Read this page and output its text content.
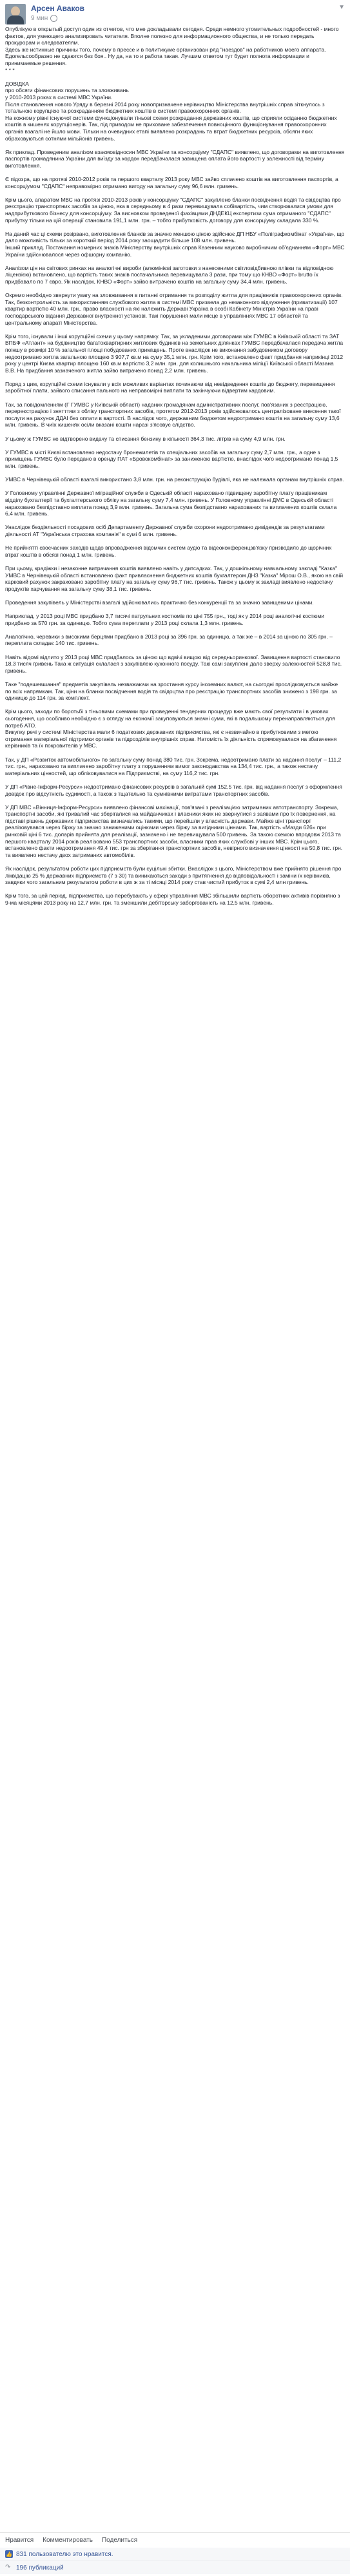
Арсен Аваков
9 мин
▼

Опублікую в открытый доступ один из отчетов, что мне докладывали сегодня. Среди немного утомительных подробностей - много фактов, для умеющего анализировать читателя. Вполне полезно для информационного общества, и не только передать прокурорам и следователям.
Здесь же истинные причины того, почему в прессе и в политикуме организован ряд "наездов" на работников моего аппарата. Едогельсообразно не сдаются без боя.. Ну да, на то и работа такая. Лучшим ответом тут будет полнота информации и принимаемые решения.
* * *

ДОВІДКА
про обсяги фінансових порушень та зловживань
у 2010-2013 роках в системі МВС України.

Після становлення нового Уряду в березні 2014 року новопризначене керівництво Міністерства внутрішніх справ зіткнулось з тотальною корупцією та розкраданням бюджетних коштів в системі правоохоронних органів.
На кожному рівні існуючої системи функціонували тіньові схеми розкрадання державних коштів, що сприяли осіданню бюджетних коштів в кишенях корупціонерів. Так, під приводом не приховане забезпечення повноцінного функціонування правоохоронних органів взагалі не йшло мови. Тільки на очевидних етапі виявлено розкрадань та втрат бюджетних ресурсів, обсяги яких обраховуються сотнями мільйонів гривень.

Як приклад. Проведеним аналізом взаємовідносин МВС України та консорціуму "СДАПС" виявлено, що договорами на виготовлення паспортів громадянина України для виїзду за кордон передбачалася завищена оплата його вартості у залежності від терміну виготовлення.

Є підозра, що на протязі 2010-2012 років та першого кварталу 2013 року МВС зайво сплачено коштів на виготовлення паспортів, а консорціумом "СДАПС" неправомірно отримано вигоду на загальну суму 96,6 млн. гривень.

Крім цього, апаратом МВС на протязі 2010-2013 років у консорціуму "СДАПС" закуплено бланки посвідчення водія та свідоцтва про реєстрацію транспортних засобів за ціною, яка в середньому в 4 рази перевищувала собівартість, чим створювалися умови для надприбуткового бізнесу для консорціуму. За висновком проведеної фахівцями ДНДЕКЦ експертизи сума отриманого "СДАПС" прибутку тільки на цій операції становила 191,1 млн. грн. – тобто прибутковість договору для консорціуму складала 330 %.

На даний час ці схеми розірвано, виготовлення бланків за значно меншою ціною здійснює ДП НБУ «Поліграфкомбінат «Україна», що дало можливість тільки за короткий період 2014 року заощадити більше 108 млн. гривень.
Інший приклад. Постачання номерних знаків Міністерству внутрішніх справ Казенним науково виробничим об'єднанням «Форт» МВС України здійснювалося через офшорну компанію.

Аналізом цін на світових ринках на аналогічні вироби (алюмінієві заготовки з нанесеними світловідбивною плівки та відповідною ліцензією) встановлено, що вартість таких знаків постачальника перевищувала 3 рази, при тому що КНВО «Форт» brutto їх придбавало по 7 євро. Як наслідок, КНВО «Форт» зайво витрачено коштів на загальну суму 34,4 млн. гривень.

Окремо необхідно звернути увагу на зловживання в питанні отримання та розподілу житла для працівників правоохоронних органів.
Так, безконтрольність за використанням службового житла в системі МВС призвела до незаконного відчуження (приватизації) 107 квартир вартістю 40 млн. грн., право власності на які належить Державі Україна в особі Кабінету Міністрів України на праві господарського відання Державної внутренної установі. Такі порушення мали місце в управліннях МВС 17 областей та центральному апараті Міністерства.

Крім того, існували і інші корупційні схеми у цьому напрямку. Так, за укладеними договорами між ГУМВС в Київській області та ЗАТ ВПБФ «Атлант» на будівництво багатоквартирних житлових будинків на земельних ділянках ГУМВС передбачалася передача житла поіншу в розмірі 10 % загальної площі побудованих приміщень. Проте внаслідок не виконання забудовником договору недоотримано житла загальною площею 3 907,7 кв.м на суму 35,1 млн. грн. Крім того, встановлено факт придбання наприкінці 2012 року у центрі Києва квартир площею 160 кв.м вартістю 3,2 млн. грн. для колишнього начальника міліції Київської області Мазана В.В. На придбання зазначеного житла зайво витрачено понад 2,2 млн. гривень.

Поряд з цим, корупційні схеми існували у всіх можливих варіантах починаючи від невідведення коштів до бюджету, перевищення заробітної плати, зайвого списання пального на неправомірні виплати та закінчуючи відвертим кардовим.

Так, за повідомленням (Г ГУМВС у Київській області) наданих громадянам адміністративних послуг, пов'язаних з реєстрацією, перереєстрацією і знятттям з обліку транспортних засобів, протягом 2012-2013 років здійснювалось централізоване внесення такої послуги на рахунок ДДАІ без оплати в вартості. В наслідок чого, державним бюджетом недоотримано коштів на загальну суму 13,6 млн. гривень. В чиїх кишенях осіли вказані кошти наразі з'ясовує слідство.

У цьому ж ГУМВС не відтворено видачу та списання бензину в кількості 364,3 тис. літрів на суму 4,9 млн. грн.

У ГУМВС в місті Києві встановлено недостачу бронежилетів та спеціальних засобів на загальну суму 2,7 млн. грн., а одне з приміщень ГУМВС було передано в оренду ПАТ «Бровокомбінат» за заниженою вартістю, внаслідок чого недоотримано понад 1,5 млн. гривень.

УМВС в Чернівецькій області взагалі використано 3,8 млн. грн. на реконструкцію будівлі, яка не належала органам внутрішніх справ.

У Головному управлінні Державної міграційної служби в Одеській області нараховано підвищену заробітну плату працівникам відділу бухгалтерії та бухгалтерського обліку на загальну суму 7,4 млн. гривень. У Головному управлінні ДМС в Одеській області нараховано безпідставно виплата понад 3,9 млн. гривень. Загальна сума безпідставно нарахованих та виплачених коштів склала 6,4 млн. гривень.

Унаслідок бездіяльності посадових осіб Департаменту Державної служби охорони недоотримано дивідендів за результатами діяльності АТ "Українська страхова компанія" в сумі 6 млн. гривень.

Не прийнятті своєчасних заходів щодо впровадження відомчих систем аудіо та відеоконференцзв'язку призводило до щорічних втрат коштів в обсязі понад 1 млн. гривень.

При цьому, крадіжки і незаконне витрачання коштів виявлено навіть у дитсадках. Так, у дошкільному навчальному закладі "Казка" УМВС в Чернівецькій області встановлено факт привласнення бюджетних коштів бухгалтером ДНЗ "Казка" Мірош О.В., якою на свій карковий рахунок закраховано заробітну плату на загальну суму 96,7 тис. гривень. Також у цьому ж закладі виявлено недостачу продуктів харчування на загальну суму 38,1 тис. гривень.

Проведення закупівель у Міністерстві взагалі здійснювались практично без конкуренції та за значно завищеними цінами.

Наприклад, у 2013 році МВС придбано 3,7 тисячі патрульних костюмів по ціні 755 грн., тоді як у 2014 році аналогічні костюми придбано за 570 грн. за одиницю. Тобто сума переплати у 2013 році склала 1,3 млн. гривень.

Аналогічно, черевики з високими берцями придбано в 2013 році за 396 грн. за одиницю, а так же – в 2014 за ціною по 305 грн. – переплата складає 140 тис. гривень.

Навіть відомі відлито у 2013 році МВС придбалось за ціною що вдвічі вищою від середньоринкової. Завищення вартості становило 18,3 тисяч гривень Така ж ситуація склалася з закупівлею кухонного посуду. Такі самі закуплені дало зверху залежностей 528,8 тис. гривень.

Таке "подешевшання" предметів закупівель незважаючи на зростання курсу іноземних валют, на сьогодні прослідковується майже по всіх напрямкам. Так, ціни на бланки посвідчення водія та свідоцтва про реєстрацію транспортних засобів знижено з 198 грн. за одиницю до 114 грн. за комплект.

Крім цього, заходи по боротьбі з тіньовими схемами при проведенні тендерних процедур вже мають свої результати і в умовах сьогодення, що особливо необхідно є з огляду на економії закуповуються значні суми, які в подальшому перенаправляються для потреб АТО.
Викупку речі у системі Міністерства мали 6 податкових державних підприємства, які є незвичайно в прибутковими з метою отримання матеріальної підтримки органів та підрозділів внутрішніх справ. Натомість їх діяльність спрямовувалася на збагачення керівників та їх покровителів у МВС.

Так, у ДП «Розвиток автомобільного» по загальну суму понад 380 тис. грн. Зокрема, недоотримано плати за надання послуг – 111,2 тис. грн., нараховано та виплачено заробітну плату з порушенням вимог законодавства на 134,4 тис. грн., а також нестачу матеріальних цінностей, що обліковувалися на Підприємстві, на суму 116,2 тис. грн.

У ДП «Рівне-Інформ-Ресурси» недоотримано фінансових ресурсів в загальній сумі 152,5 тис. грн. від надання послуг з оформлення довідок про відсутність судимості, а також з тщательно та сумнівними витратами транспортних засобів.

У ДП МВС «Вінниця-Інформ-Ресурси» виявлено фінансові махінації, пов'язані з реалізацією затриманих автотранспорту. Зокрема, транспортні засоби, які тривалий час зберігалися на майданчиках і власники яких не звернулися з заявами про їх повернення, на підставі рішень державних підприємства визначались такими, що перейшли у власність держави. Майже ціні транспорт реалізовувався через біржу за значно заниженими оцінками через біржу за вигідними ціннами. Так, вартість «Мазди 626» при ринковій ціні 6 тис. доларів прийнята для реалізації, зазначено і не перевищувала 500 гривень. За такою схемою впродовж 2013 та першого кварталу 2014 років реалізовано 553 транспортних засоби, власники прав яких службові у інших МВС. Крім цього, встановлено факти недоотримання 49,4 тис. грн за зберігання транспортних засобів, невірного визначення цінності на 50,8 тис. грн. та виявлено нестачу двох затриманих автомобілів.

Як наслідок, результатом роботи цих підприємств були суцільні збитки. Внаслідок з цього, Міністерством вже прийнято рішення про ліквідацію 25 % державних підприємств (7 з 30) та виникаються заходи з притягнення до відповідальності і заміни їх керівників, завдяки чого загальним результатом роботи в цих ж за ті місяці 2014 року став чистий прибуток в сумі 2,4 млн гривень.

Крім того, за цей період, підприємства, що перебувають у сфері управління МВС збільшили вартість оборотних активів порівняно з 9-ма місяцями 2013 року на 12,7 млн. грн. та зменшили дебіторську заборгованість на 12,5 млн. гривень.

Нравится Комментировать Поделиться
👍 831 пользователю это нравится.
↷ 196 публикаций
